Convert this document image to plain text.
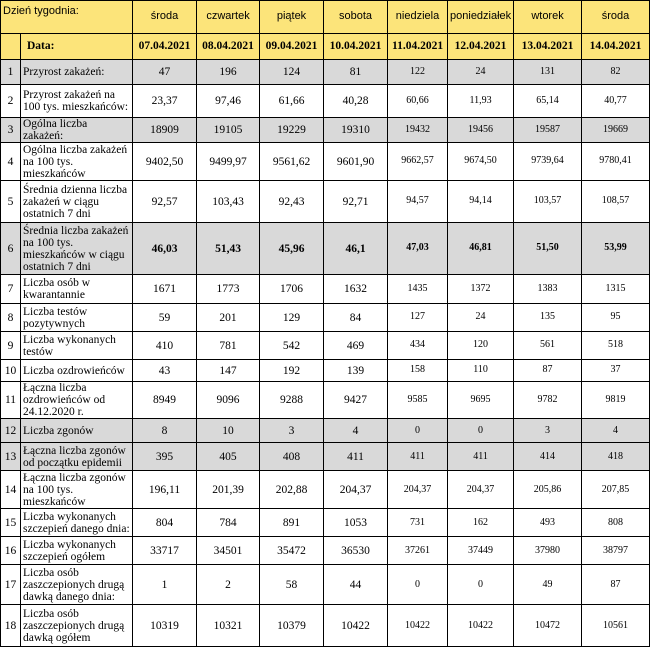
Dzień tygodnia:		środa	czwartek	piątek	sobota	niedziela	poniedziałek	wtorek	środa
	Data:	07.04.2021	08.04.2021	09.04.2021	10.04.2021	11.04.2021	12.04.2021	13.04.2021	14.04.2021
1	Przyrost zakażeń:	47	196	124	81	122	24	131	82
2	Przyrost zakażeń na 100 tys. mieszkańców:	23,37	97,46	61,66	40,28	60,66	11,93	65,14	40,77
3	Ogólna liczba zakażeń:	18909	19105	19229	19310	19432	19456	19587	19669
4	Ogólna liczba zakażeń na 100 tys. mieszkańców	9402,50	9499,97	9561,62	9601,90	9662,57	9674,50	9739,64	9780,41
5	Średnia dzienna liczba zakażeń w ciągu ostatnich 7 dni	92,57	103,43	92,43	92,71	94,57	94,14	103,57	108,57
6	Średnia liczba zakażeń na 100 tys. mieszkańców w ciągu ostatnich 7 dni	46,03	51,43	45,96	46,1	47,03	46,81	51,50	53,99
7	Liczba osób w kwarantannie	1671	1773	1706	1632	1435	1372	1383	1315
8	Liczba testów pozytywnych	59	201	129	84	127	24	135	95
9	Liczba wykonanych testów	410	781	542	469	434	120	561	518
10	Liczba ozdrowieńców	43	147	192	139	158	110	87	37
11	Łączna liczba ozdrowieńców od 24.12.2020 r.	8949	9096	9288	9427	9585	9695	9782	9819
12	Liczba zgonów	8	10	3	4	0	0	3	4
13	Łączna liczba zgonów od początku epidemii	395	405	408	411	411	411	414	418
14	Łączna liczba zgonów na 100 tys. mieszkańców	196,11	201,39	202,88	204,37	204,37	204,37	205,86	207,85
15	Liczba wykonanych szczepień danego dnia:	804	784	891	1053	731	162	493	808
16	Liczba wykonanych szczepień ogółem	33717	34501	35472	36530	37261	37449	37980	38797
17	Liczba osób zaszczepionych drugą dawką danego dnia:	1	2	58	44	0	0	49	87
18	Liczba osób zaszczepionych drugą dawką ogółem	10319	10321	10379	10422	10422	10422	10472	10561
